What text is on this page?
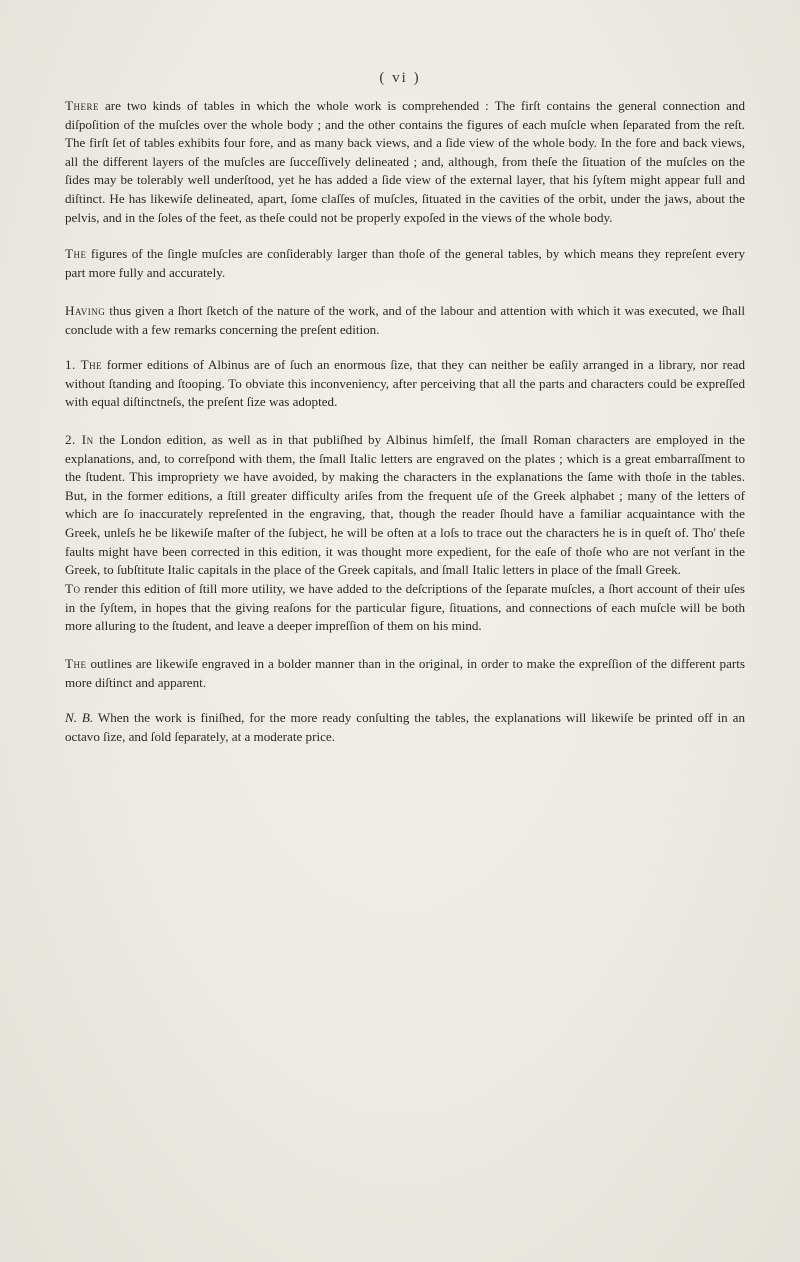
( vi )

There are two kinds of tables in which the whole work is comprehended : The firſt contains the general connection and diſpoſition of the muſcles over the whole body ; and the other contains the figures of each muſcle when ſeparated from the reſt. The firſt ſet of tables exhibits four fore, and as many back views, and a ſide view of the whole body. In the fore and back views, all the different layers of the muſcles are ſucceſſively delineated ; and, although, from theſe the ſituation of the muſcles on the ſides may be tolerably well underſtood, yet he has added a ſide view of the external layer, that his ſyſtem might appear full and diſtinct. He has likewiſe delineated, apart, ſome claſſes of muſcles, ſituated in the cavities of the orbit, under the jaws, about the pelvis, and in the ſoles of the feet, as theſe could not be properly expoſed in the views of the whole body.

The figures of the ſingle muſcles are conſiderably larger than thoſe of the general tables, by which means they repreſent every part more fully and accurately.

Having thus given a ſhort ſketch of the nature of the work, and of the labour and attention with which it was executed, we ſhall conclude with a few remarks concerning the preſent edition.

1. The former editions of Albinus are of ſuch an enormous ſize, that they can neither be eaſily arranged in a library, nor read without ſtanding and ſtooping. To obviate this inconveniency, after perceiving that all the parts and characters could be expreſſed with equal diſtinctneſs, the preſent ſize was adopted.

2. In the London edition, as well as in that publiſhed by Albinus himſelf, the ſmall Roman characters are employed in the explanations, and, to correſpond with them, the ſmall Italic letters are engraved on the plates ; which is a great embarraſſment to the ſtudent. This impropriety we have avoided, by making the characters in the explanations the ſame with thoſe in the tables. But, in the former editions, a ſtill greater difficulty ariſes from the frequent uſe of the Greek alphabet ; many of the letters of which are ſo inaccurately repreſented in the engraving, that, though the reader ſhould have a familiar acquaintance with the Greek, unleſs he be likewiſe maſter of the ſubject, he will be often at a loſs to trace out the characters he is in queſt of. Tho' theſe faults might have been corrected in this edition, it was thought more expedient, for the eaſe of thoſe who are not verſant in the Greek, to ſubſtitute Italic capitals in the place of the Greek capitals, and ſmall Italic letters in place of the ſmall Greek.

To render this edition of ſtill more utility, we have added to the deſcriptions of the ſeparate muſcles, a ſhort account of their uſes in the ſyſtem, in hopes that the giving reaſons for the particular figure, ſituations, and connections of each muſcle will be both more alluring to the ſtudent, and leave a deeper impreſſion of them on his mind.

The outlines are likewiſe engraved in a bolder manner than in the original, in order to make the expreſſion of the different parts more diſtinct and apparent.

N. B. When the work is finiſhed, for the more ready conſulting the tables, the explanations will likewiſe be printed off in an octavo ſize, and ſold ſeparately, at a moderate price.
